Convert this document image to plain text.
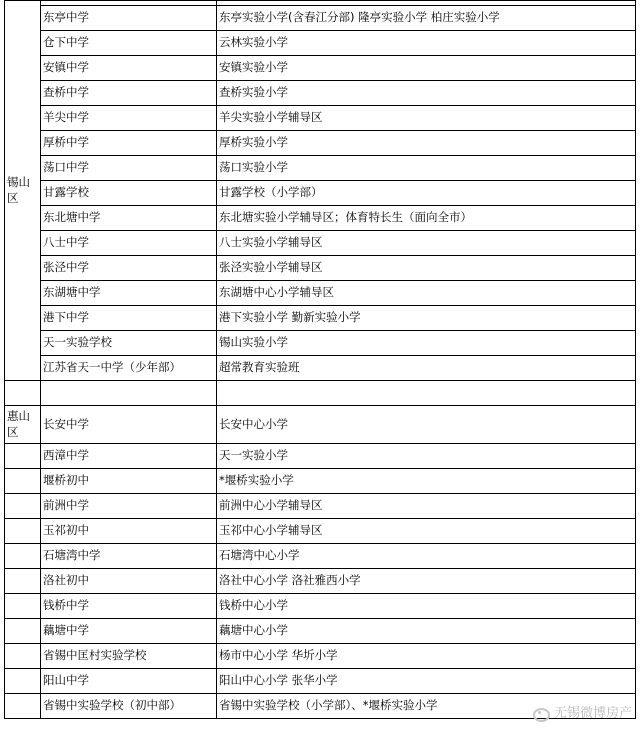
锡山区		

	东亭中学	东亭实验小学(含春江分部) 隆亭实验小学 柏庄实验小学
	仓下中学	云林实验小学
	安镇中学	安镇实验小学
	查桥中学	查桥实验小学
	羊尖中学	羊尖实验小学辅导区
	厚桥中学	厚桥实验小学
	荡口中学	荡口实验小学
	甘露学校	甘露学校（小学部）
	东北塘中学	东北塘实验小学辅导区；体育特长生（面向全市）
	八士中学	八士实验小学辅导区
	张泾中学	张泾实验小学辅导区
	东湖塘中学	东湖塘中心小学辅导区
	港下中学	港下实验小学 勤新实验小学
	天一实验学校	锡山实验小学
	江苏省天一中学（少年部）	超常教育实验班

惠山区	长安中学	长安中心小学
	西漳中学	天一实验小学
	堰桥初中	*堰桥实验小学
	前洲中学	前洲中心小学辅导区
	玉祁初中	玉祁中心小学辅导区
	石塘湾中学	石塘湾中心小学
	洛社初中	洛社中心小学 洛社雅西小学
	钱桥中学	钱桥中心小学
	藕塘中学	藕塘中心小学
	省锡中匡村实验学校	杨市中心小学 华圻小学
	阳山中学	阳山中心小学 张华小学
	省锡中实验学校（初中部）	省锡中实验学校（小学部）、*堰桥实验小学
无锡微博房产
